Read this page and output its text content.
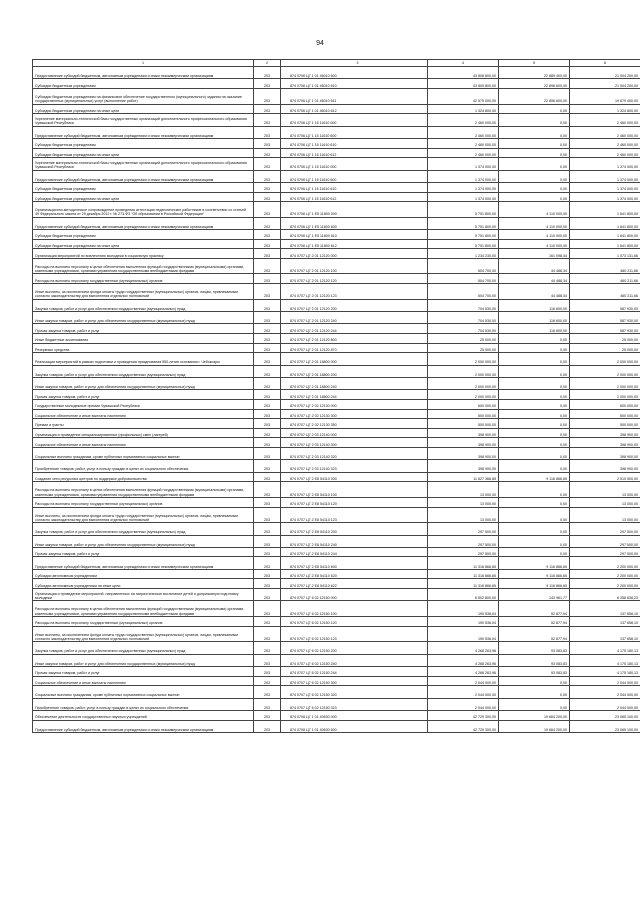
94
1	2	3	4	5	6
Предоставление субсидий бюджетным, автономным учреждениям и иным некоммерческим организациям	203	874 0706 Ц7 1 01 46010 600	43 808 800,00	22 889 400,00	21 004 200,00
Субсидии бюджетным учреждениям	203	874 0706 Ц7 1 01 46010 610	43 800 800,00	22 896 600,00	21 004 200,00
Субсидии бюджетным учреждениям на финансовое обеспечение государственного (муниципального) задания на оказание государственных (муниципальных) услуг (выполнение работ)	203	874 0706 Ц7 1 01 46010 611	42 575 000,00	22 896 600,00	19 679 400,00
Субсидии бюджетным учреждениям на иные цели	203	874 0706 Ц7 1 01 46010 612	1 324 800,00	0,00	1 324 800,00
Укрепление материально-технической базы государственных организаций дополнительного профессионального образования Чувашской Республики	203	874 0706 Ц7 1 15 11610 000	2 460 000,00	0,00	2 460 000,00
Предоставление субсидий бюджетным, автономным учреждениям и иным некоммерческим организациям	203	874 0706 Ц7 1 15 11610 600	2 460 000,00	0,00	2 460 000,00
Субсидии бюджетным учреждениям	203	874 0706 Ц7 1 15 11610 610	2 460 000,00	0,00	2 460 000,00
Субсидии бюджетным учреждениям на иные цели	203	874 0706 Ц7 1 15 11610 612	2 460 000,00	0,00	2 460 000,00
Укрепление материально-технической базы государственных организаций дополнительного профессионального образования Чувашской Республики	203	874 0706 Ц7 1 15 11610 000	1 374 000,00	0,00	1 374 000,00
Предоставление субсидий бюджетным, автономным учреждениям и иным некоммерческим организациям	203	874 0706 Ц7 1 15 11610 600	1 374 000,00	0,00	1 374 000,00
Субсидии бюджетным учреждениям	203	874 0706 Ц7 1 15 11610 610	1 374 000,00	0,00	1 374 000,00
Субсидии бюджетным учреждениям на иные цели	203	874 0706 Ц7 1 15 11610 612	1 374 000,00	0,00	1 374 000,00
Организационно-методическое сопровождение проведения аттестации педагогических работников в соответствии со статьей 49 Федерального закона от 29 декабря 2012 г. № 273-ФЗ "Об образовании в Российской Федерации"	203	874 0706 Ц7 1 Е5 11800 000	5 751 800,00	4 110 000,00	1 641 800,00
Предоставление субсидий бюджетным, автономным учреждениям и иным некоммерческим организациям	203	874 0706 Ц7 1 Е5 11800 600	5 751 800,00	4 110 000,00	1 641 800,00
Субсидии бюджетным учреждениям	203	874 0706 Ц7 1 Е5 11800 610	5 751 800,00	4 110 000,00	1 641 800,00
Субсидии бюджетным учреждениям на иные цели	203	874 0706 Ц7 1 Е5 11800 612	5 751 800,00	4 110 000,00	1 641 800,00
Организация мероприятий по вовлечению молодежи в социальную практику	203	874 0707 Ц7 2 01 12120 000	1 234 230,00	161 098,34	1 073 131,66
Расходы на выплаты персоналу в целях обеспечения выполнения функций государственными (муниципальными) органами, казенными учреждениями, органами управления государственными внебюджетными фондами	203	874 0707 Ц7 2 01 12120 100	504 700,00	44 488,34	460 211,66
Расходы на выплаты персоналу государственных (муниципальных) органов	203	874 0707 Ц7 2 01 12120 120	504 700,00	44 488,34	460 211,66
Иные выплаты, за исключением фонда оплаты труда государственных (муниципальных) органов, лицам, привлекаемым согласно законодательству для выполнения отдельных полномочий	203	874 0707 Ц7 2 01 12120 123	504 700,00	44 488,34	460 211,66
Закупка товаров, работ и услуг для обеспечения государственных (муниципальных) нужд	203	874 0707 Ц7 2 01 12120 200	704 530,00	116 600,00	587 930,00
Иные закупки товаров, работ и услуг для обеспечения государственных (муниципальных) нужд	203	874 0707 Ц7 2 01 12120 240	704 530,00	116 600,00	587 930,00
Прочая закупка товаров, работ и услуг	203	874 0707 Ц7 2 01 12120 244	704 530,00	116 600,00	587 930,00
Иные бюджетные ассигнования	203	874 0707 Ц7 2 01 12120 800	25 000,00	0,00	25 000,00
Резервные средства	203	874 0707 Ц7 2 01 12120 870	25 000,00	0,00	25 000,00
Реализация мероприятий в рамках подготовки и проведения празднования 550-летия основания г. Чебоксары	203	874 0707 Ц7 2 01 18800 000	2 000 000,00	0,00	2 000 000,00
Закупка товаров, работ и услуг для обеспечения государственных (муниципальных) нужд	203	874 0707 Ц7 2 01 18800 200	2 000 000,00	0,00	2 000 000,00
Иные закупки товаров, работ и услуг для обеспечения государственных (муниципальных) нужд	203	874 0707 Ц7 2 01 18800 240	2 000 000,00	0,00	2 000 000,00
Прочая закупка товаров, работ и услуг	203	874 0707 Ц7 2 01 18800 244	2 000 000,00	0,00	2 000 000,00
Государственные молодежные премии Чувашской Республики	203	874 0707 Ц7 2 02 12130 000	600 000,00	0,00	600 000,00
Социальное обеспечение и иные выплаты населению	203	874 0707 Ц7 2 02 12130 300	500 000,00	0,00	500 000,00
Премии и гранты	203	874 0707 Ц7 2 02 12130 350	500 000,00	0,00	500 000,00
Организация и проведение специализированных (профильных) смен (лагерей)	203	874 0707 Ц7 2 03 12140 000	398 900,00	0,00	398 900,00
Социальное обеспечение и иные выплаты населению	203	874 0707 Ц7 2 03 12140 300	398 900,00	0,00	398 900,00
Социальные выплаты гражданам, кроме публичных нормативных социальных выплат	203	874 0707 Ц7 2 03 12140 320	398 900,00	0,00	398 900,00
Приобретение товаров, работ, услуг в пользу граждан в целях их социального обеспечения	203	874 0707 Ц7 2 03 12140 323	398 900,00	0,00	398 900,00
Создание сети ресурсных центров по поддержке добровольчества	203	874 0707 Ц7 2 Е8 54110 000	11 627 366,65	9 116 866,65	2 510 500,00
Расходы на выплаты персоналу в целях обеспечения выполнения функций государственными (муниципальными) органами, казенными учреждениями, органами управления государственными внебюджетными фондами	203	874 0707 Ц7 2 Е8 54110 100	13 000,00	0,00	13 000,00
Расходы на выплаты персоналу государственных (муниципальных) органов	203	874 0707 Ц7 2 Е8 54110 120	13 000,00	0,00	13 000,00
Иные выплаты, за исключением фонда оплаты труда государственных (муниципальных) органов, лицам, привлекаемым согласно законодательству для выполнения отдельных полномочий	203	874 0707 Ц7 2 Е8 54110 123	13 000,00	0,00	13 000,00
Закупка товаров, работ и услуг для обеспечения государственных (муниципальных) нужд	203	874 0707 Ц7 2 Е8 54110 200	297 500,00	0,00	297 500,00
Иные закупки товаров, работ и услуг для обеспечения государственных (муниципальных) нужд	203	874 0707 Ц7 2 Е8 54110 240	297 500,00	0,00	297 500,00
Прочая закупка товаров, работ и услуг	203	874 0707 Ц7 2 Е8 54110 244	297 500,00	0,00	297 500,00
Предоставление субсидий бюджетным, автономным учреждениям и иным некоммерческим организациям	203	874 0707 Ц7 2 Е8 54110 600	11 316 866,65	9 116 866,65	2 200 000,00
Субсидии автономным учреждениям	203	874 0707 Ц7 2 Е8 54110 620	11 316 866,65	9 116 866,65	2 200 000,00
Субсидии автономным учреждениям на иные цели	203	874 0707 Ц7 2 Е8 54110 622	11 316 866,65	9 116 866,65	2 200 000,00
Организация и проведение мероприятий, направленных на патриотическое воспитание детей и допризывную подготовку молодежи	203	874 0707 Ц7 6 02 12150 000	6 502 800,00	143 961,77	6 358 838,23
Расходы на выплаты персоналу в целях обеспечения выполнения функций государственными (муниципальными) органами, казенными учреждениями, органами управления государственными внебюджетными фондами	203	874 0707 Ц7 6 02 12150 100	190 536,04	52 877,94	137 658,10
Расходы на выплаты персоналу государственных (муниципальных) органов	203	874 0707 Ц7 6 02 12150 120	190 536,04	52 877,94	137 658,10
Иные выплаты, за исключением фонда оплаты труда государственных (муниципальных) органов, лицам, привлекаемым согласно законодательству для выполнения отдельных полномочий	203	874 0707 Ц7 6 02 12150 123	190 536,04	52 877,94	137 658,10
Закупка товаров, работ и услуг для обеспечения государственных (муниципальных) нужд	203	874 0707 Ц7 6 02 12150 200	4 268 263,96	93 083,83	4 175 180,13
Иные закупки товаров, работ и услуг для обеспечения государственных (муниципальных) нужд	203	874 0707 Ц7 6 02 12150 240	4 268 263,96	93 083,83	4 175 180,13
Прочая закупка товаров, работ и услуг	203	874 0707 Ц7 6 02 12150 244	4 268 263,96	93 083,83	4 175 180,13
Социальное обеспечение и иные выплаты населению	203	874 0707 Ц7 6 02 12150 300	2 044 000,00	0,00	2 044 000,00
Социальные выплаты гражданам, кроме публичных нормативных социальных выплат	203	874 0707 Ц7 6 02 12150 320	2 044 000,00	0,00	2 044 000,00
Приобретение товаров, работ, услуг в пользу граждан в целях их социального обеспечения	203	874 0707 Ц7 6 02 12150 323	2 044 000,00	0,00	2 044 000,00
Обеспечение деятельности государственных научных учреждений	203	874 0708 Ц7 1 01 40630 000	42 729 300,00	19 664 200,00	23 065 100,00
Предоставление субсидий бюджетным, автономным учреждениям и иным некоммерческим организациям	203	874 0708 Ц7 1 01 40630 600	42 729 300,00	19 664 200,00	23 065 100,00
